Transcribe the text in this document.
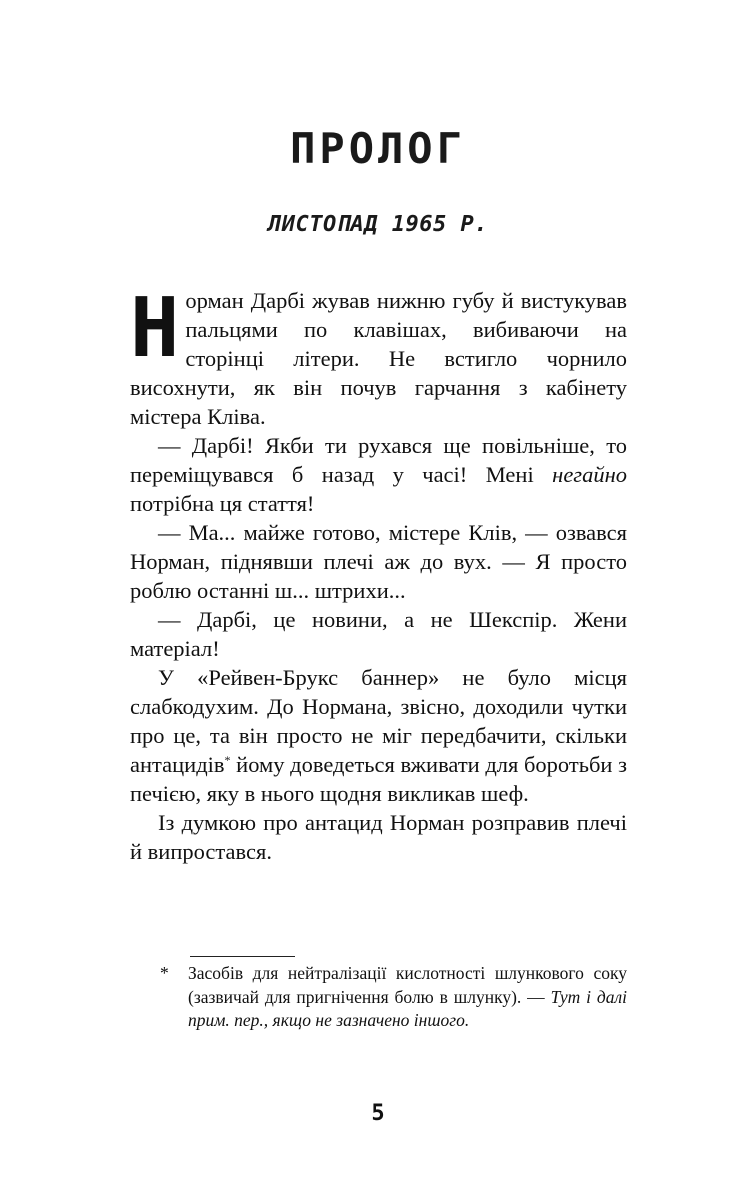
ПРОЛОГ
ЛИСТОПАД 1965 Р.

Норман Дарбі жував нижню губу й вистукував пальцями по клавішах, вибиваючи на сторінці літери. Не встигло чорнило висохнути, як він почув гарчання з кабінету містера Кліва.

— Дарбі! Якби ти рухався ще повільніше, то переміщувався б назад у часі! Мені негайно потрібна ця стаття!

— Ма... майже готово, містере Клів, — озвався Норман, піднявши плечі аж до вух. — Я просто роблю останні ш... штрихи...

— Дарбі, це новини, а не Шекспір. Жени матеріал!

У «Рейвен-Брукс баннер» не було місця слабкодухим. До Нормана, звісно, доходили чутки про це, та він просто не міг передбачити, скільки антацидів* йому доведеться вживати для боротьби з печією, яку в нього щодня викликав шеф.

Із думкою про антацид Норман розправив плечі й випростався.

* Засобів для нейтралізації кислотності шлункового соку (зазвичай для пригнічення болю в шлунку). — Тут і далі прим. пер., якщо не зазначено іншого.
5
